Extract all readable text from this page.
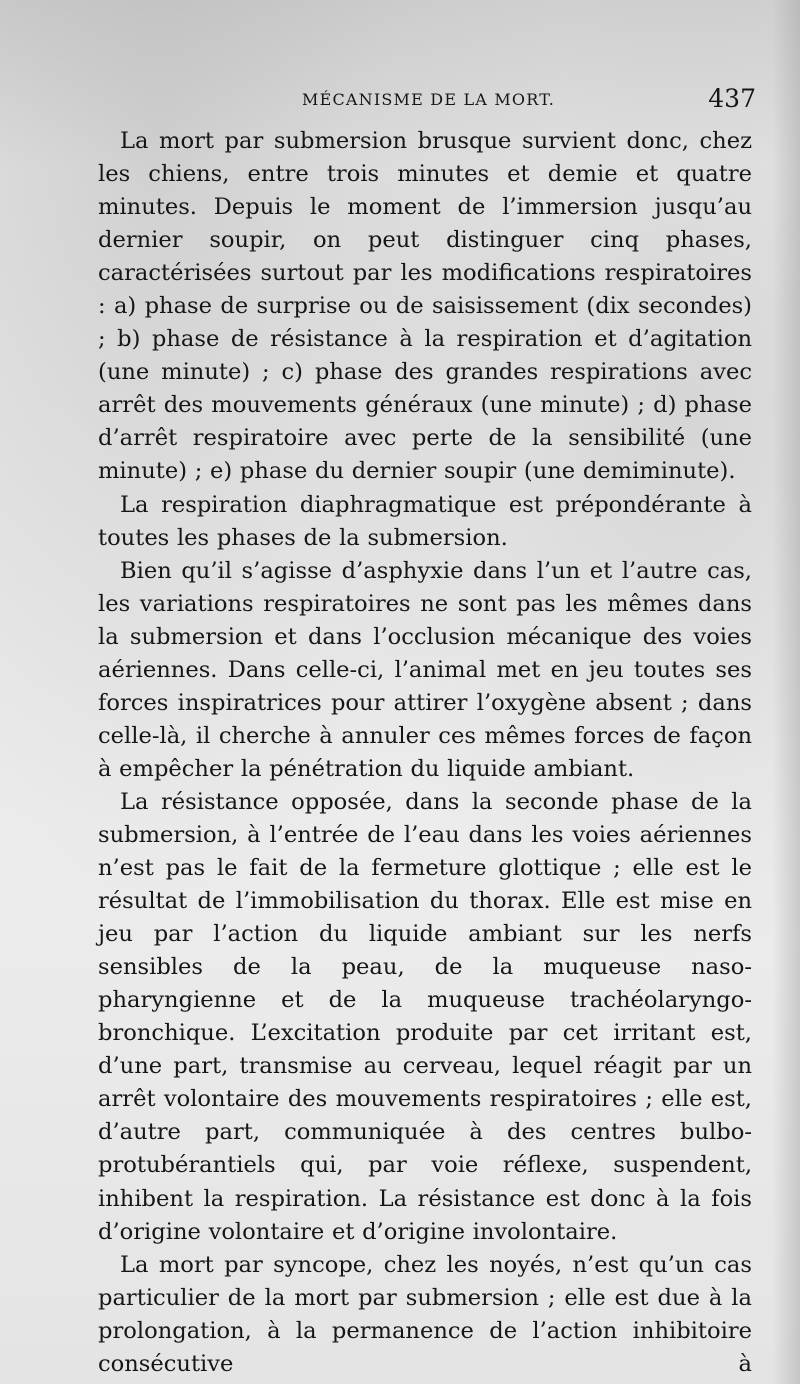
MÉCANISME DE LA MORT.	437

La mort par submersion brusque survient donc, chez les chiens, entre trois minutes et demie et quatre minutes. Depuis le moment de l’immersion jusqu’au dernier soupir, on peut distinguer cinq phases, caractérisées surtout par les modifications respiratoires : a) phase de surprise ou de saisissement (dix secondes) ; b) phase de résistance à la respiration et d’agitation (une minute) ; c) phase des grandes respirations avec arrêt des mouvements généraux (une minute) ; d) phase d’arrêt respiratoire avec perte de la sensibilité (une minute) ; e) phase du dernier soupir (une demiminute).

La respiration diaphragmatique est prépondérante à toutes les phases de la submersion.

Bien qu’il s’agisse d’asphyxie dans l’un et l’autre cas, les variations respiratoires ne sont pas les mêmes dans la submersion et dans l’occlusion mécanique des voies aériennes. Dans celle-ci, l’animal met en jeu toutes ses forces inspiratrices pour attirer l’oxygène absent ; dans celle-là, il cherche à annuler ces mêmes forces de façon à empêcher la pénétration du liquide ambiant.

La résistance opposée, dans la seconde phase de la submersion, à l’entrée de l’eau dans les voies aériennes n’est pas le fait de la fermeture glottique ; elle est le résultat de l’immobilisation du thorax. Elle est mise en jeu par l’action du liquide ambiant sur les nerfs sensibles de la peau, de la muqueuse naso-pharyngienne et de la muqueuse trachéolaryngo-bronchique. L’excitation produite par cet irritant est, d’une part, transmise au cerveau, lequel réagit par un arrêt volontaire des mouvements respiratoires ; elle est, d’autre part, communiquée à des centres bulbo-protubérantiels qui, par voie réflexe, suspendent, inhibent la respiration. La résistance est donc à la fois d’origine volontaire et d’origine involontaire.

La mort par syncope, chez les noyés, n’est qu’un cas particulier de la mort par submersion ; elle est due à la prolongation, à la permanence de l’action inhibitoire consécutive à
